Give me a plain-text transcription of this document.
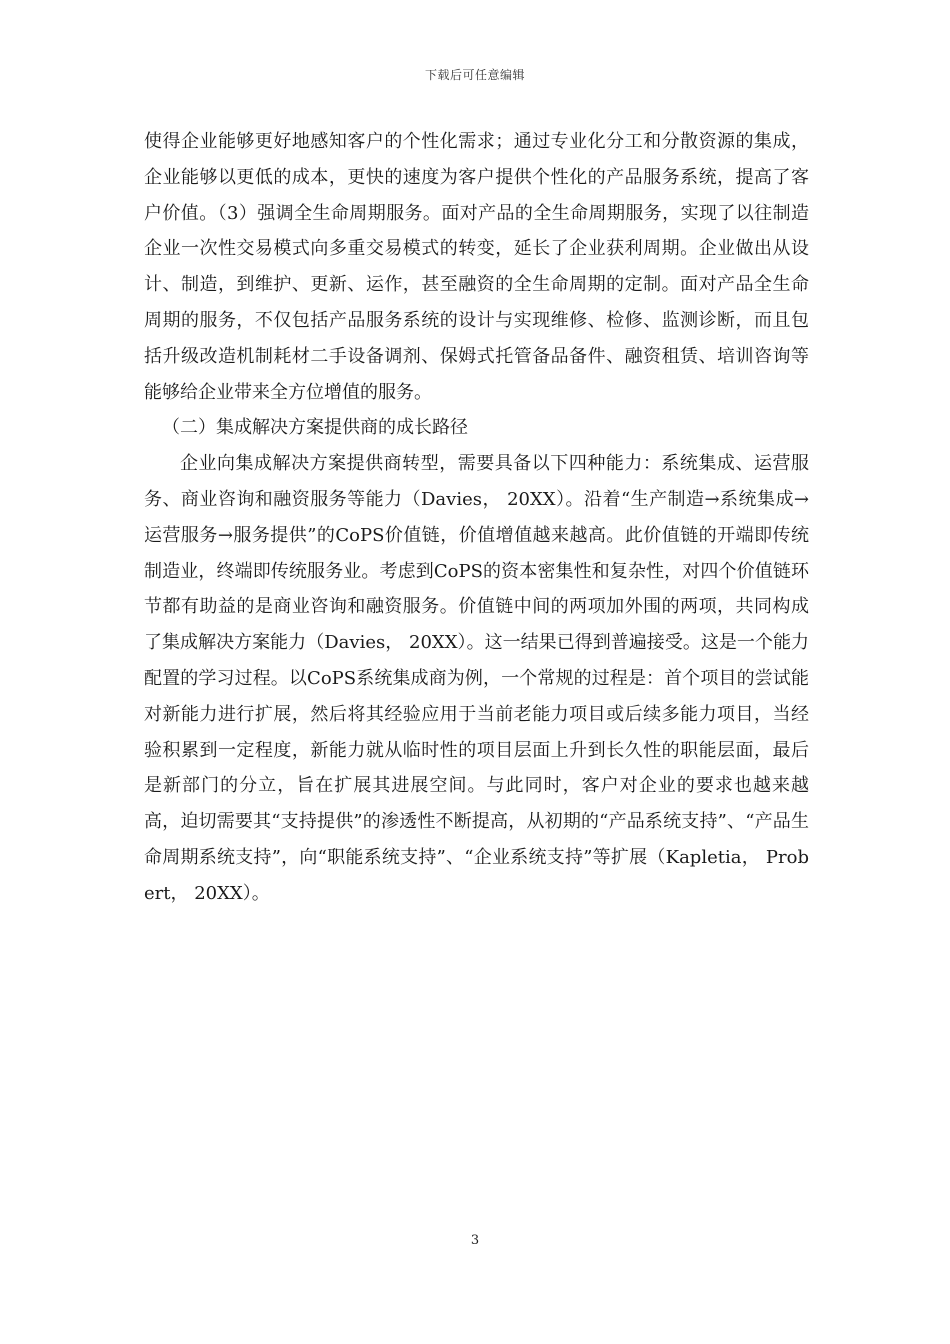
下载后可任意编辑

使得企业能够更好地感知客户的个性化需求；通过专业化分工和分散资源的集成，企业能够以更低的成本，更快的速度为客户提供个性化的产品服务系统，提高了客户价值。（3）强调全生命周期服务。面对产品的全生命周期服务，实现了以往制造企业一次性交易模式向多重交易模式的转变，延长了企业获利周期。企业做出从设计、制造，到维护、更新、运作，甚至融资的全生命周期的定制。面对产品全生命周期的服务，不仅包括产品服务系统的设计与实现维修、检修、监测诊断，而且包括升级改造机制耗材二手设备调剂、保姆式托管备品备件、融资租赁、培训咨询等能够给企业带来全方位增值的服务。

（二）集成解决方案提供商的成长路径

企业向集成解决方案提供商转型，需要具备以下四种能力：系统集成、运营服务、商业咨询和融资服务等能力（Davies， 20XX）。沿着“生产制造→系统集成→运营服务→服务提供”的CoPS价值链，价值增值越来越高。此价值链的开端即传统制造业，终端即传统服务业。考虑到CoPS的资本密集性和复杂性，对四个价值链环节都有助益的是商业咨询和融资服务。价值链中间的两项加外围的两项，共同构成了集成解决方案能力（Davies， 20XX）。这一结果已得到普遍接受。这是一个能力配置的学习过程。以CoPS系统集成商为例，一个常规的过程是：首个项目的尝试能对新能力进行扩展，然后将其经验应用于当前老能力项目或后续多能力项目，当经验积累到一定程度，新能力就从临时性的项目层面上升到长久性的职能层面，最后是新部门的分立，旨在扩展其进展空间。与此同时，客户对企业的要求也越来越高，迫切需要其“支持提供”的渗透性不断提高，从初期的“产品系统支持”、“产品生命周期系统支持”，向“职能系统支持”、“企业系统支持”等扩展（Kapletia， Probert， 20XX）。

3
